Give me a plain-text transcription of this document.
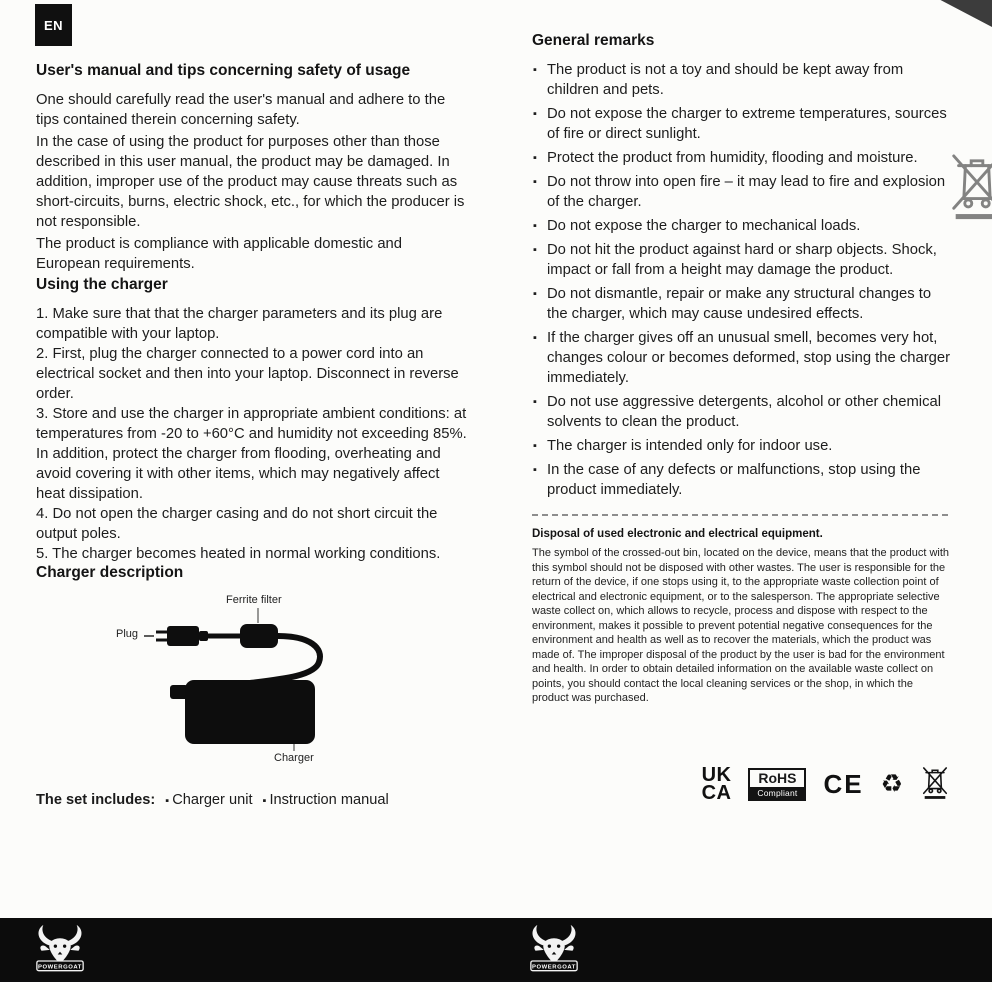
EN
User's manual and tips concerning safety of usage

One should carefully read the user's manual and adhere to the tips contained therein concerning safety.

In the case of using the product for purposes other than those described in this user manual, the product may be damaged. In addition, improper use of the product may cause threats such as short-circuits, burns, electric shock, etc., for which the producer is not responsible.

The product is compliance with applicable domestic and European requirements.

Using the charger
1. Make sure that that the charger parameters and its plug are compatible with your laptop.
2. First, plug the charger connected to a power cord into an electrical socket and then into your laptop. Disconnect in reverse order.
3. Store and use the charger in appropriate ambient conditions: at temperatures from -20 to +60°C and humidity not exceeding 85%. In addition, protect the charger from flooding, overheating and avoid covering it with other items, which may negatively affect heat dissipation.
4. Do not open the charger casing and do not short circuit the output poles.
5. The charger becomes heated in normal working conditions.
Charger description
Ferrite filter
Plug
Charger
The set includes:	▪ Charger unit	▪ Instruction manual
General remarks
▪ The product is not a toy and should be kept away from children and pets.
▪ Do not expose the charger to extreme temperatures, sources of fire or direct sunlight.
▪ Protect the product from humidity, flooding and moisture.
▪ Do not throw into open fire – it may lead to fire and explosion of the charger.
▪ Do not expose the charger to mechanical loads.
▪ Do not hit the product against hard or sharp objects. Shock, impact or fall from a height may damage the product.
▪ Do not dismantle, repair or make any structural changes to the charger, which may cause undesired effects.
▪ If the charger gives off an unusual smell, becomes very hot, changes colour or becomes deformed, stop using the charger immediately.
▪ Do not use aggressive detergents, alcohol or other chemical solvents to clean the product.
▪ The charger is intended only for indoor use.
▪ In the case of any defects or malfunctions, stop using the product immediately.
Disposal of used electronic and electrical equipment.

The symbol of the crossed-out bin, located on the device, means that the product with this symbol should not be disposed with other wastes. The user is responsible for the return of the device, if one stops using it, to the appropriate waste collection point of electrical and electronic equipment, or to the salesperson. The appropriate selective waste collect on, which allows to recycle, process and dispose with respect to the environment, makes it possible to prevent potential negative consequences for the environment and health as well as to recover the materials, which the product was made of. The improper disposal of the product by the user is bad for the environment and health. In order to obtain detailed information on the available waste collect on points, you should contact the local cleaning services or the shop, in which the product was purchased.

UK
CA
RoHS
Compliant CE ♻
POWERGOAT	POWERGOAT
